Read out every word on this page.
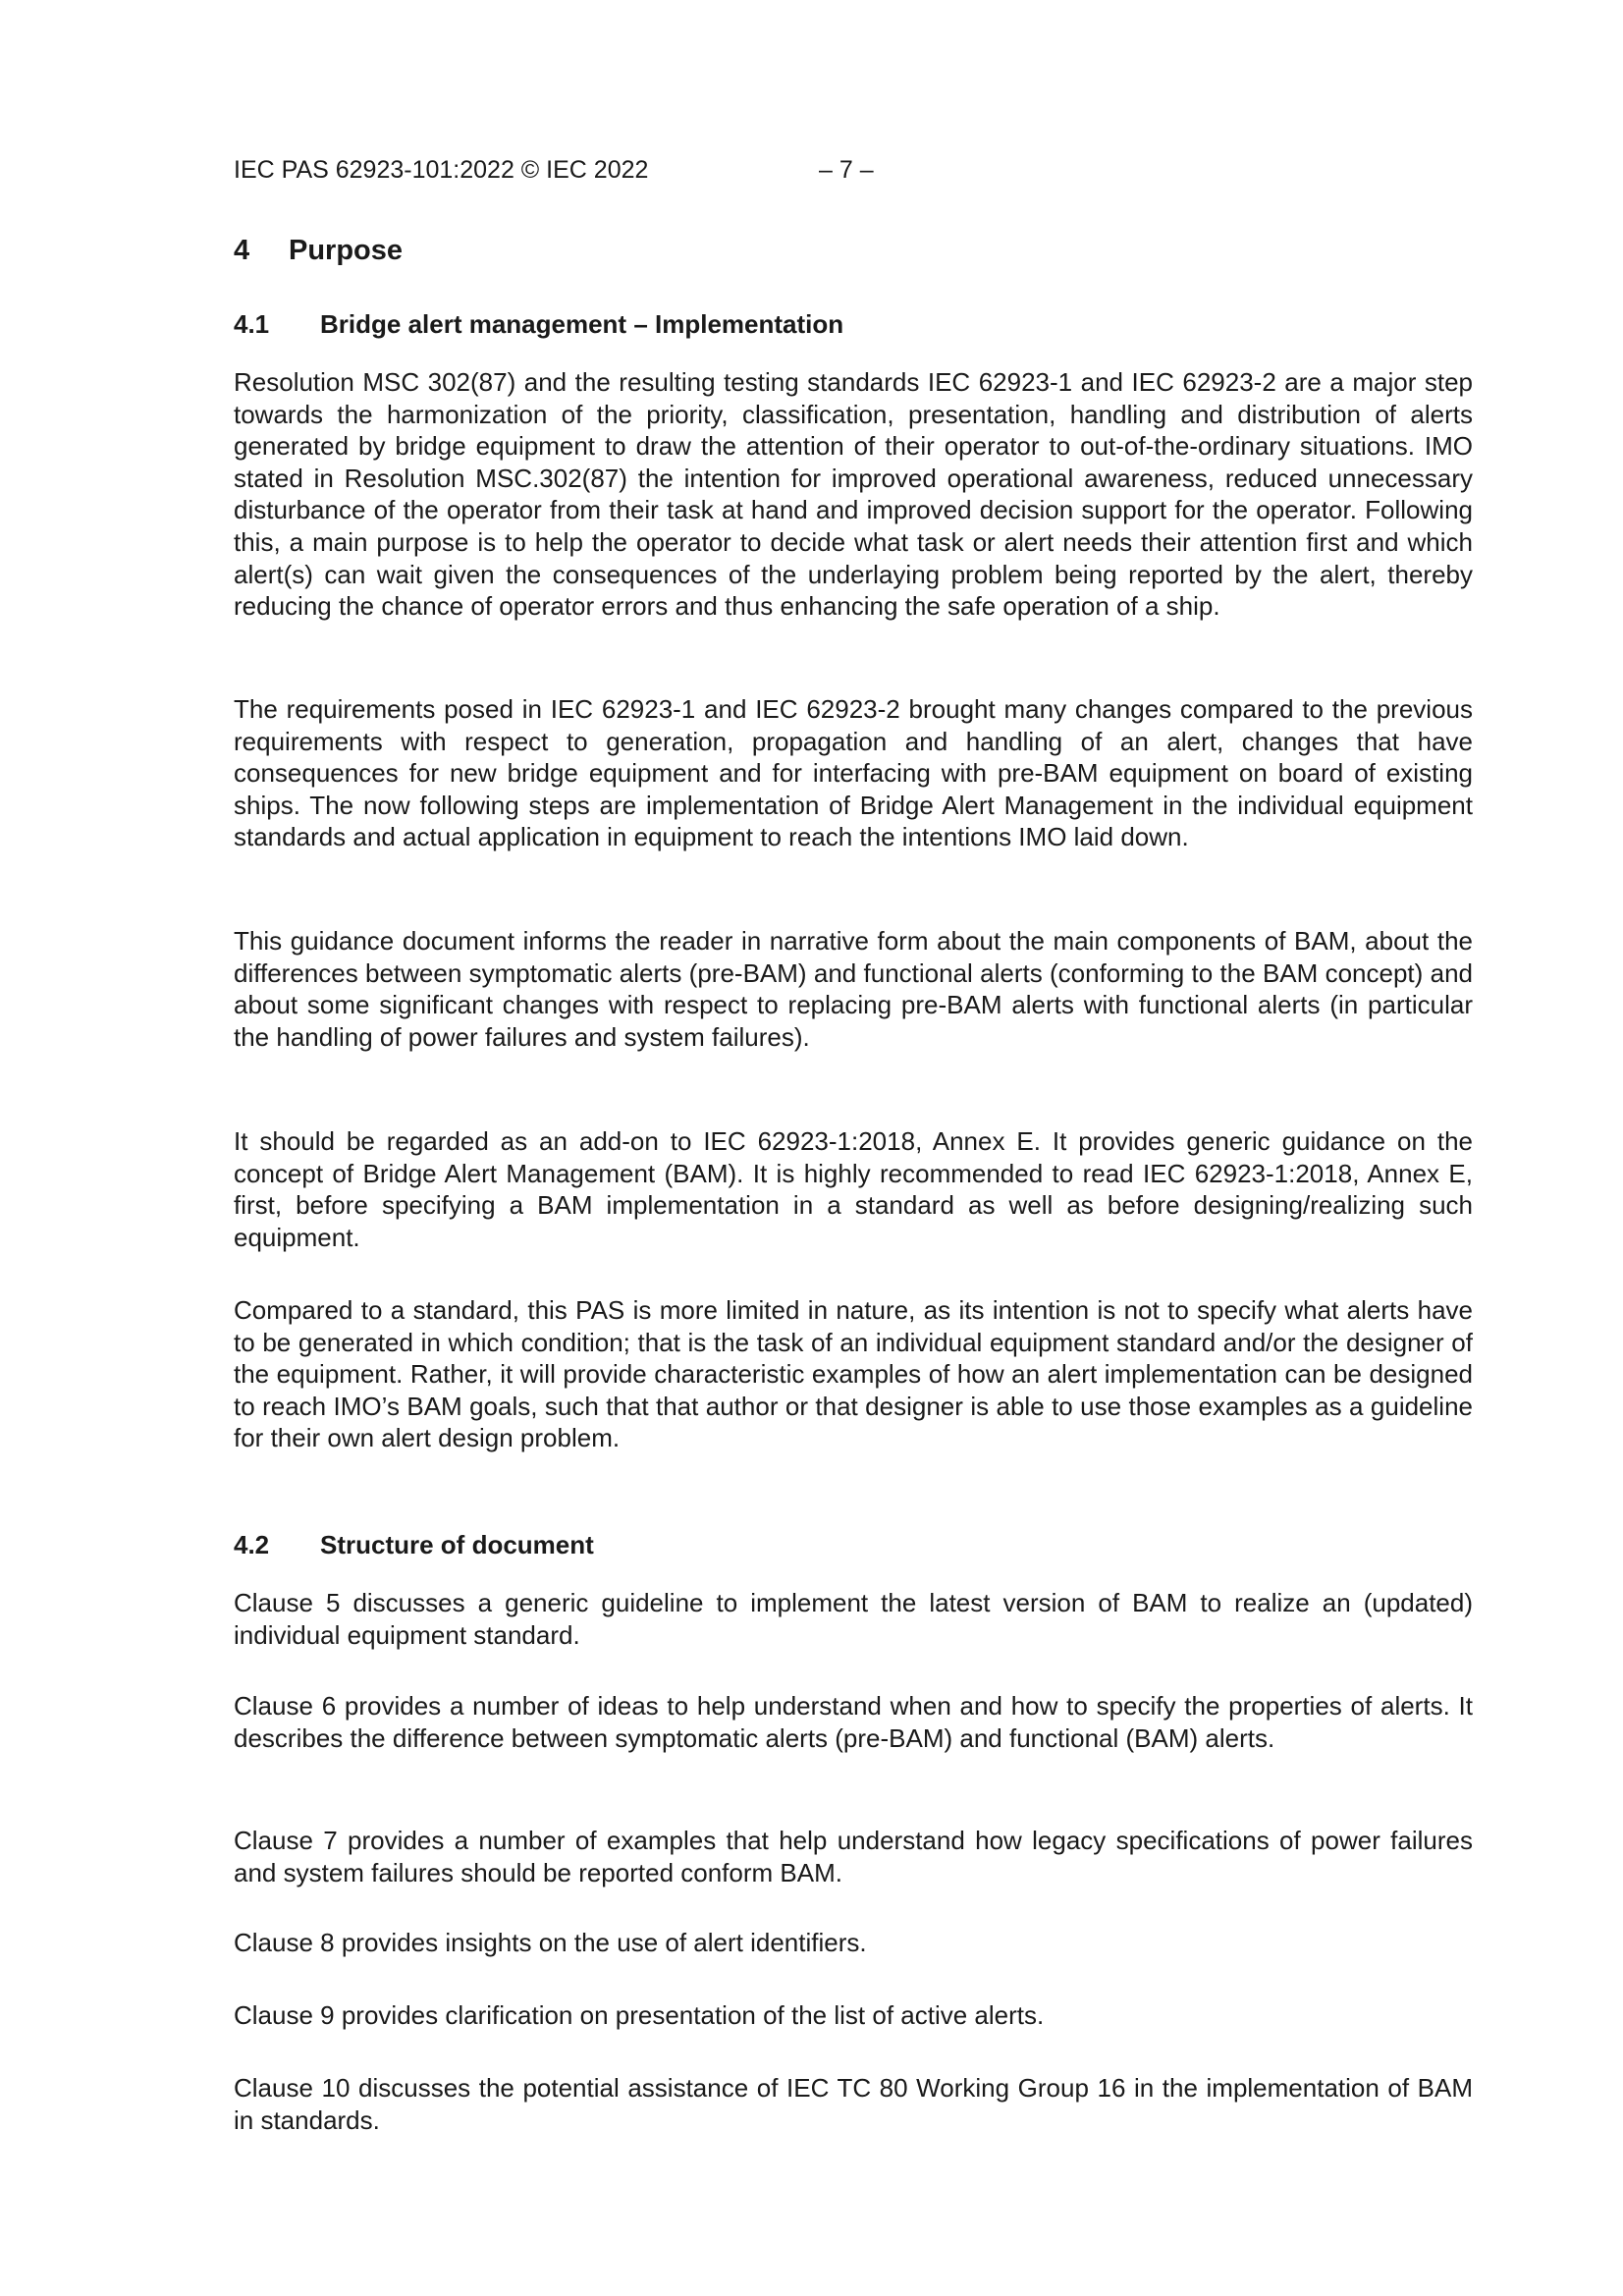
IEC PAS 62923-101:2022 © IEC 2022	– 7 –
4 Purpose
4.1 Bridge alert management – Implementation

Resolution MSC 302(87) and the resulting testing standards IEC 62923-1 and IEC 62923-2 are a major step towards the harmonization of the priority, classification, presentation, handling and distribution of alerts generated by bridge equipment to draw the attention of their operator to out-of-the-ordinary situations. IMO stated in Resolution MSC.302(87) the intention for improved operational awareness, reduced unnecessary disturbance of the operator from their task at hand and improved decision support for the operator. Following this, a main purpose is to help the operator to decide what task or alert needs their attention first and which alert(s) can wait given the consequences of the underlaying problem being reported by the alert, thereby reducing the chance of operator errors and thus enhancing the safe operation of a ship.

The requirements posed in IEC 62923-1 and IEC 62923-2 brought many changes compared to the previous requirements with respect to generation, propagation and handling of an alert, changes that have consequences for new bridge equipment and for interfacing with pre-BAM equipment on board of existing ships. The now following steps are implementation of Bridge Alert Management in the individual equipment standards and actual application in equipment to reach the intentions IMO laid down.

This guidance document informs the reader in narrative form about the main components of BAM, about the differences between symptomatic alerts (pre-BAM) and functional alerts (conforming to the BAM concept) and about some significant changes with respect to replacing pre-BAM alerts with functional alerts (in particular the handling of power failures and system failures).

It should be regarded as an add-on to IEC 62923-1:2018, Annex E. It provides generic guidance on the concept of Bridge Alert Management (BAM). It is highly recommended to read IEC 62923-1:2018, Annex E, first, before specifying a BAM implementation in a standard as well as before designing/realizing such equipment.

Compared to a standard, this PAS is more limited in nature, as its intention is not to specify what alerts have to be generated in which condition; that is the task of an individual equipment standard and/or the designer of the equipment. Rather, it will provide characteristic examples of how an alert implementation can be designed to reach IMO’s BAM goals, such that that author or that designer is able to use those examples as a guideline for their own alert design problem.

4.2 Structure of document

Clause 5 discusses a generic guideline to implement the latest version of BAM to realize an (updated) individual equipment standard.

Clause 6 provides a number of ideas to help understand when and how to specify the properties of alerts. It describes the difference between symptomatic alerts (pre-BAM) and functional (BAM) alerts.

Clause 7 provides a number of examples that help understand how legacy specifications of power failures and system failures should be reported conform BAM.

Clause 8 provides insights on the use of alert identifiers.

Clause 9 provides clarification on presentation of the list of active alerts.

Clause 10 discusses the potential assistance of IEC TC 80 Working Group 16 in the implementation of BAM in standards.
